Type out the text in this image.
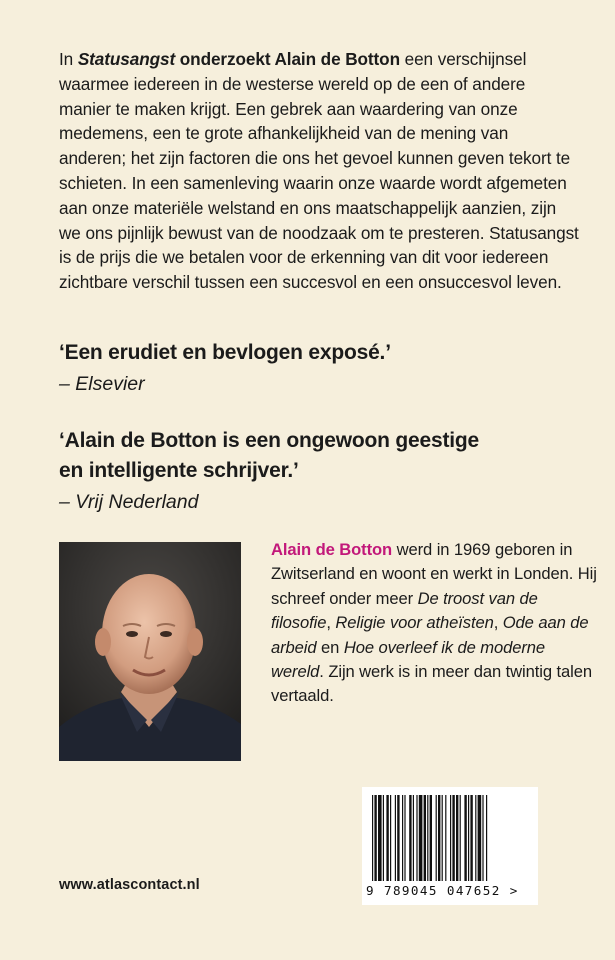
In Statusangst onderzoekt Alain de Botton een verschijnsel waarmee iedereen in de westerse wereld op de een of andere manier te maken krijgt. Een gebrek aan waardering van onze medemens, een te grote afhankelijkheid van de mening van anderen; het zijn factoren die ons het gevoel kunnen geven tekort te schieten. In een samenleving waarin onze waarde wordt afgemeten aan onze materiële welstand en ons maatschappelijk aanzien, zijn we ons pijnlijk bewust van de noodzaak om te presteren. Statusangst is de prijs die we betalen voor de erkenning van dit voor iedereen zichtbare verschil tussen een succesvol en een onsuccesvol leven.

‘Een erudiet en bevlogen exposé.’

– Elsevier

‘Alain de Botton is een ongewoon geestige
en intelligente schrijver.’

– Vrij Nederland

Alain de Botton werd in 1969 geboren in Zwitserland en woont en werkt in Londen. Hij schreef onder meer De troost van de filosofie, Religie voor atheïsten, Ode aan de arbeid en Hoe overleef ik de moderne wereld. Zijn werk is in meer dan twintig talen vertaald.

www.atlascontact.nl	9 789045 047652 >
